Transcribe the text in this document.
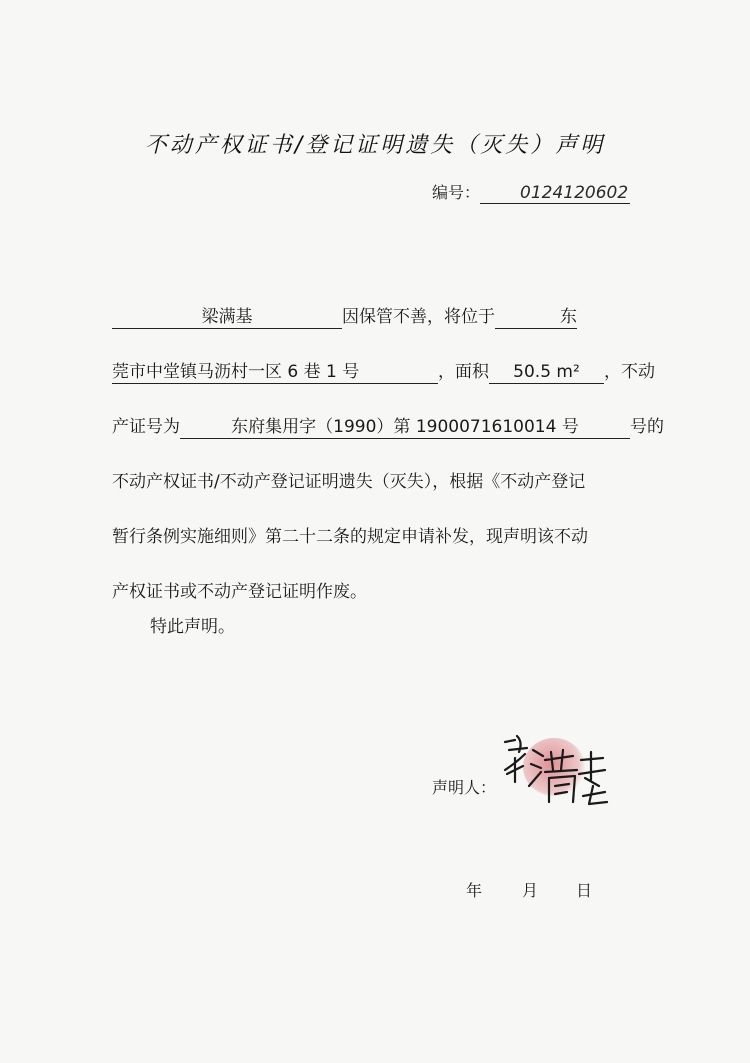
不动产权证书/登记证明遗失（灭失）声明
编号： 0124120602
梁满基	因保管不善，将位于	东
莞市中堂镇马沥村一区 6 巷 1 号	，面积 50.5 m² ，不动
产证号为	东府集用字（1990）第 1900071610014 号	号的
不动产权证书/不动产登记证明遗失（灭失），根据《不动产登记
暂行条例实施细则》第二十二条的规定申请补发，现声明该不动
产权证书或不动产登记证明作废。
特此声明。
声明人：
年	月 日
